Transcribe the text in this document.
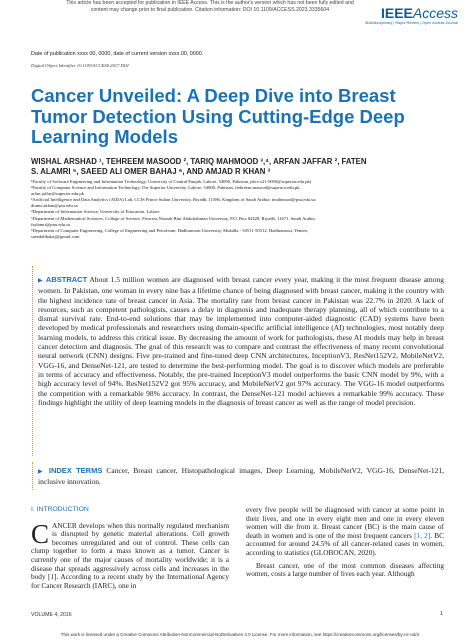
This article has been accepted for publication in IEEE Access. This is the author's version which has not been fully edited and
content may change prior to final publication. Citation information: DOI 10.1109/ACCESS.2023.3335604	IEEEAccess
Multidisciplinary | Rapid Review | Open Access Journal
Date of publication xxxx 00, 0000, date of current version xxxx 00, 0000.
Digital Object Identifier 10.1109/ACCESS.2017.DOI
Cancer Unveiled: A Deep Dive into Breast Tumor Detection Using Cutting-Edge Deep Learning Models
WISHAL ARSHAD ¹, TEHREEM MASOOD ², TARIQ MAHMOOD ³,⁴, ARFAN JAFFAR ², FATEN
S. ALAMRI ⁵, SAEED ALI OMER BAHAJ ⁶, AND AMJAD R KHAN ³
¹Faculty of Software Engineering and Information Technology, University of Central Punjab, Lahore, 54000, Pakistan, phcs-s21-0050@superior.edu.pk)
²Faculty of Computer Science and Information Technology, The Superior University, Lahore, 54000, Pakistan, (tehreem.masood@superior.edu.pk,
arfan.jaffar@superior.edu.pk
³Artificial Intelligence and Data Analytics (AIDA) Lab, CCIS Prince Sultan University, Riyadh, 11586, Kingdom of Saudi Arabia; tmahmood@psu.edu.sa;
drams.akhan@psu.edu.sa
⁴Department of Information Science, University of Education, Lahore
⁵Department of Mathematical Sciences, College of Science, Princess Nourah Bint Abdulrahman University, P.O. Box 84428, Riyadh, 11671, Saudi Arabia,
fsalamri@pnu.edu.sa
⁶Department of Computer Engineering, College of Engineering and Petroleum, Hadhramout University, Mukalla - 50511-50512, Hadhramout, Yemen,
saeedalibahaj@gmail.com
▶ ABSTRACT About 1.5 million women are diagnosed with breast cancer every year, making it the most frequent disease among women. In Pakistan, one woman in every nine has a lifetime chance of being diagnosed with breast cancer, making it the country with the highest incidence rate of breast cancer in Asia. The mortality rate from breast cancer in Pakistan was 22.7% in 2020. A lack of resources, such as competent pathologists, causes a delay in diagnosis and inadequate therapy planning, all of which contribute to a dismal survival rate. End-to-end solutions that may be implemented into computer-aided diagnostic (CAD) systems have been developed by medical professionals and researchers using domain-specific artificial intelligence (AI) technologies, most notably deep learning models, to address this critical issue. By decreasing the amount of work for pathologists, these AI models may help in breast cancer detection and diagnosis. The goal of this research was to compare and contrast the effectiveness of many recent convolutional neural network (CNN) designs. Five pre-trained and fine-tuned deep CNN architectures, InceptionV3, ResNet152V2, MobileNetV2, VGG-16, and DenseNet-121, are tested to determine the best-performing model. The goal is to discover which models are preferable in terms of accuracy and effectiveness. Notably, the pre-trained InceptionV3 model outperforms the basic CNN model by 9%, with a high accuracy level of 94%. ResNet152V2 got 95% accuracy, and MobileNetV2 got 97% accuracy. The VGG-16 model outperforms the competition with a remarkable 98% accuracy. In contrast, the DenseNet-121 model achieves a remarkable 99% accuracy. These findings highlight the utility of deep learning models in the diagnosis of breast cancer as well as the range of model precision.
▶ INDEX TERMS Cancer, Breast cancer, Histopathological images, Deep Learning, MobileNetV2, VGG-16, DenseNet-121, inclusive innovation.
I. INTRODUCTION
C ANCER develops when this normally regulated mechanism is disrupted by genetic material alterations. Cell growth becomes unregulated and out of control. These cells can clump together to form a mass known as a tumor. Cancer is currently one of the major causes of mortality worldwide; it is a disease that spreads aggressively across cells and increases in the body [1]. According to a recent study by the International Agency for Cancer Research (IARC), one in
every five people will be diagnosed with cancer at some point in their lives, and one in every eight men and one in every eleven women will die from it. Breast cancer (BC) is the main cause of death in women and is one of the most frequent cancers [1, 2]. BC accounted for around 24.5% of all cancer-related cases in women, according to statistics (GLOBOCAN, 2020).
Breast cancer, one of the most common diseases affecting women, costs a large number of lives each year. Although
VOLUME 4, 2016	1
This work is licensed under a Creative Commons Attribution-NonCommercial-NoDerivatives 4.0 License. For more information, see https://creativecommons.org/licenses/by-nc-nd/4
